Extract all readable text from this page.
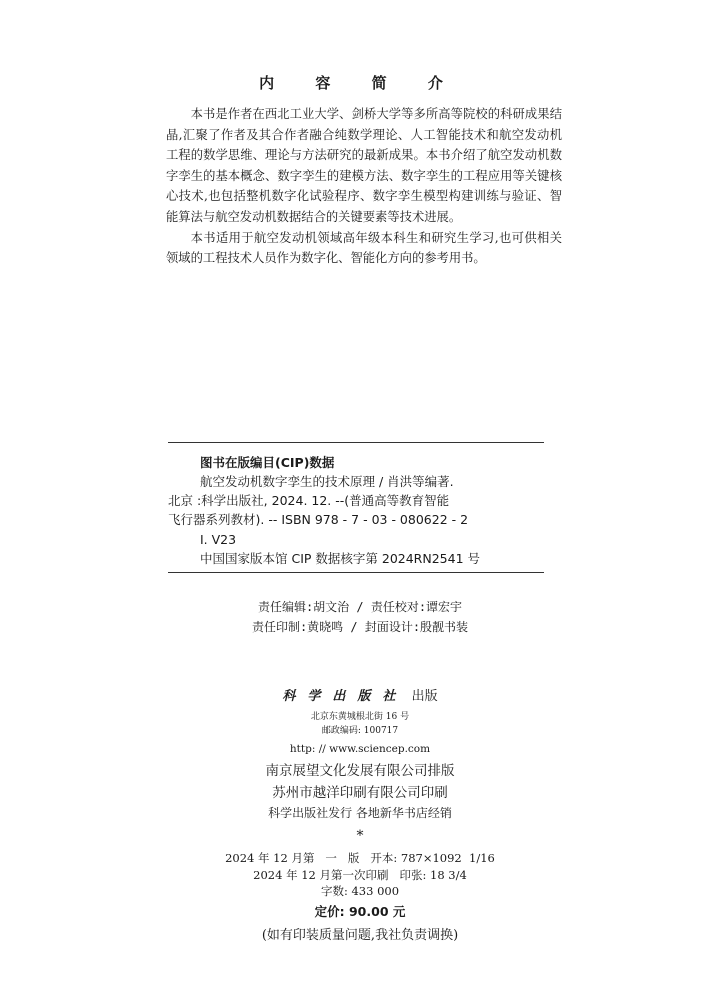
内 容 简 介

本书是作者在西北工业大学、剑桥大学等多所高等院校的科研成果结晶,汇聚了作者及其合作者融合纯数学理论、人工智能技术和航空发动机工程的数学思维、理论与方法研究的最新成果。本书介绍了航空发动机数字孪生的基本概念、数字孪生的建模方法、数字孪生的工程应用等关键核心技术,也包括整机数字化试验程序、数字孪生模型构建训练与验证、智能算法与航空发动机数据结合的关键要素等技术进展。

本书适用于航空发动机领域高年级本科生和研究生学习,也可供相关领域的工程技术人员作为数字化、智能化方向的参考用书。

图书在版编目(CIP)数据
航空发动机数字孪生的技术原理 / 肖洪等编著.
北京 :科学出版社, 2024. 12. --(普通高等教育智能
飞行器系列教材). -- ISBN 978 - 7 - 03 - 080622 - 2
Ⅰ. V23
中国国家版本馆 CIP 数据核字第 2024RN2541 号
责任编辑:胡文治 / 责任校对:谭宏宇
责任印制:黄晓鸣 / 封面设计:殷靓书装
科学出版社 出版
北京东黄城根北街 16 号
邮政编码: 100717
http: // www.sciencep.com
南京展望文化发展有限公司排版
苏州市越洋印刷有限公司印刷
科学出版社发行 各地新华书店经销
*
2024 年 12 月第   一   版   开本: 787×1092  1/16
2024 年 12 月第一次印刷   印张: 18 3/4
字数: 433 000
定价: 90.00 元
(如有印装质量问题,我社负责调换)
